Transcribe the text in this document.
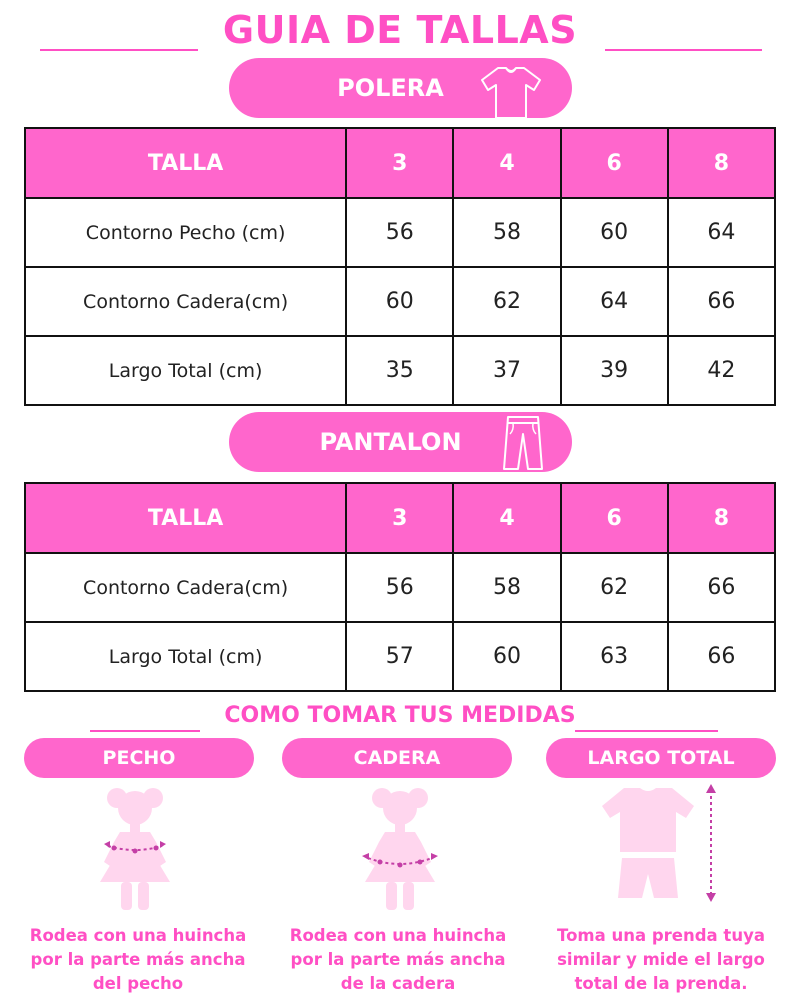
GUIA DE TALLAS
POLERA
TALLA	3	4	6	8
Contorno Pecho (cm)	56	58	60	64
Contorno Cadera(cm)	60	62	64	66
Largo Total (cm)	35	37	39	42
PANTALON
TALLA	3	4	6	8
Contorno Cadera(cm)	56	58	62	66
Largo Total (cm)	57	60	63	66
COMO TOMAR TUS MEDIDAS
PECHO	CADERA	LARGO TOTAL
Rodea con una huincha
por la parte más ancha
del pecho
Rodea con una huincha
por la parte más ancha
de la cadera
Toma una prenda tuya
similar y mide el largo
total de la prenda.
